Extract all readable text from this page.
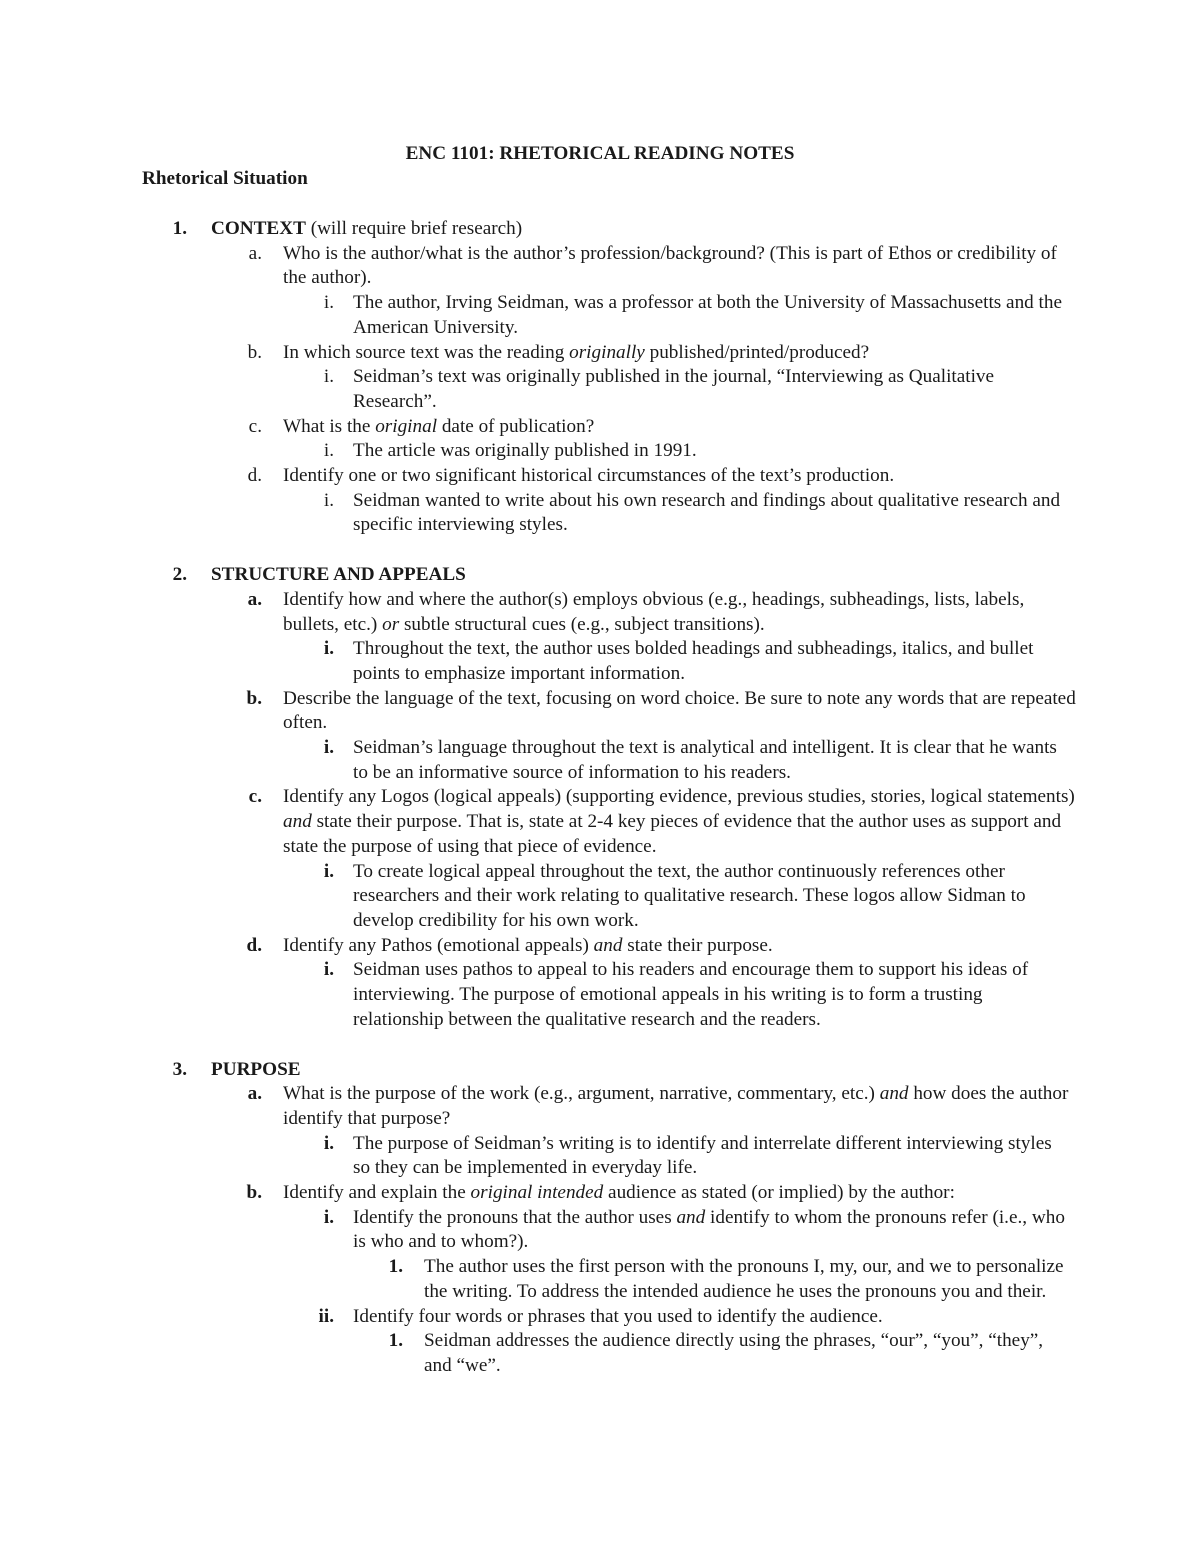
ENC 1101: RHETORICAL READING NOTES

Rhetorical Situation

1. CONTEXT (will require brief research)
a. Who is the author/what is the author’s profession/background? (This is part of Ethos or credibility of the author).
i. The author, Irving Seidman, was a professor at both the University of Massachusetts and the American University.
b. In which source text was the reading originally published/printed/produced?
i. Seidman’s text was originally published in the journal, “Interviewing as Qualitative Research”.
c. What is the original date of publication?
i. The article was originally published in 1991.
d. Identify one or two significant historical circumstances of the text’s production.
i. Seidman wanted to write about his own research and findings about qualitative research and specific interviewing styles.
2. STRUCTURE AND APPEALS
a. Identify how and where the author(s) employs obvious (e.g., headings, subheadings, lists, labels, bullets, etc.) or subtle structural cues (e.g., subject transitions).
i. Throughout the text, the author uses bolded headings and subheadings, italics, and bullet points to emphasize important information.
b. Describe the language of the text, focusing on word choice. Be sure to note any words that are repeated often.
i. Seidman’s language throughout the text is analytical and intelligent. It is clear that he wants to be an informative source of information to his readers.
c. Identify any Logos (logical appeals) (supporting evidence, previous studies, stories, logical statements) and state their purpose. That is, state at 2-4 key pieces of evidence that the author uses as support and state the purpose of using that piece of evidence.
i. To create logical appeal throughout the text, the author continuously references other researchers and their work relating to qualitative research. These logos allow Sidman to develop credibility for his own work.
d. Identify any Pathos (emotional appeals) and state their purpose.
i. Seidman uses pathos to appeal to his readers and encourage them to support his ideas of interviewing. The purpose of emotional appeals in his writing is to form a trusting relationship between the qualitative research and the readers.
3. PURPOSE
a. What is the purpose of the work (e.g., argument, narrative, commentary, etc.) and how does the author identify that purpose?
i. The purpose of Seidman’s writing is to identify and interrelate different interviewing styles so they can be implemented in everyday life.
b. Identify and explain the original intended audience as stated (or implied) by the author:
i. Identify the pronouns that the author uses and identify to whom the pronouns refer (i.e., who is who and to whom?).
1. The author uses the first person with the pronouns I, my, our, and we to personalize the writing. To address the intended audience he uses the pronouns you and their.
ii. Identify four words or phrases that you used to identify the audience.
1. Seidman addresses the audience directly using the phrases, “our”, “you”, “they”, and “we”.
